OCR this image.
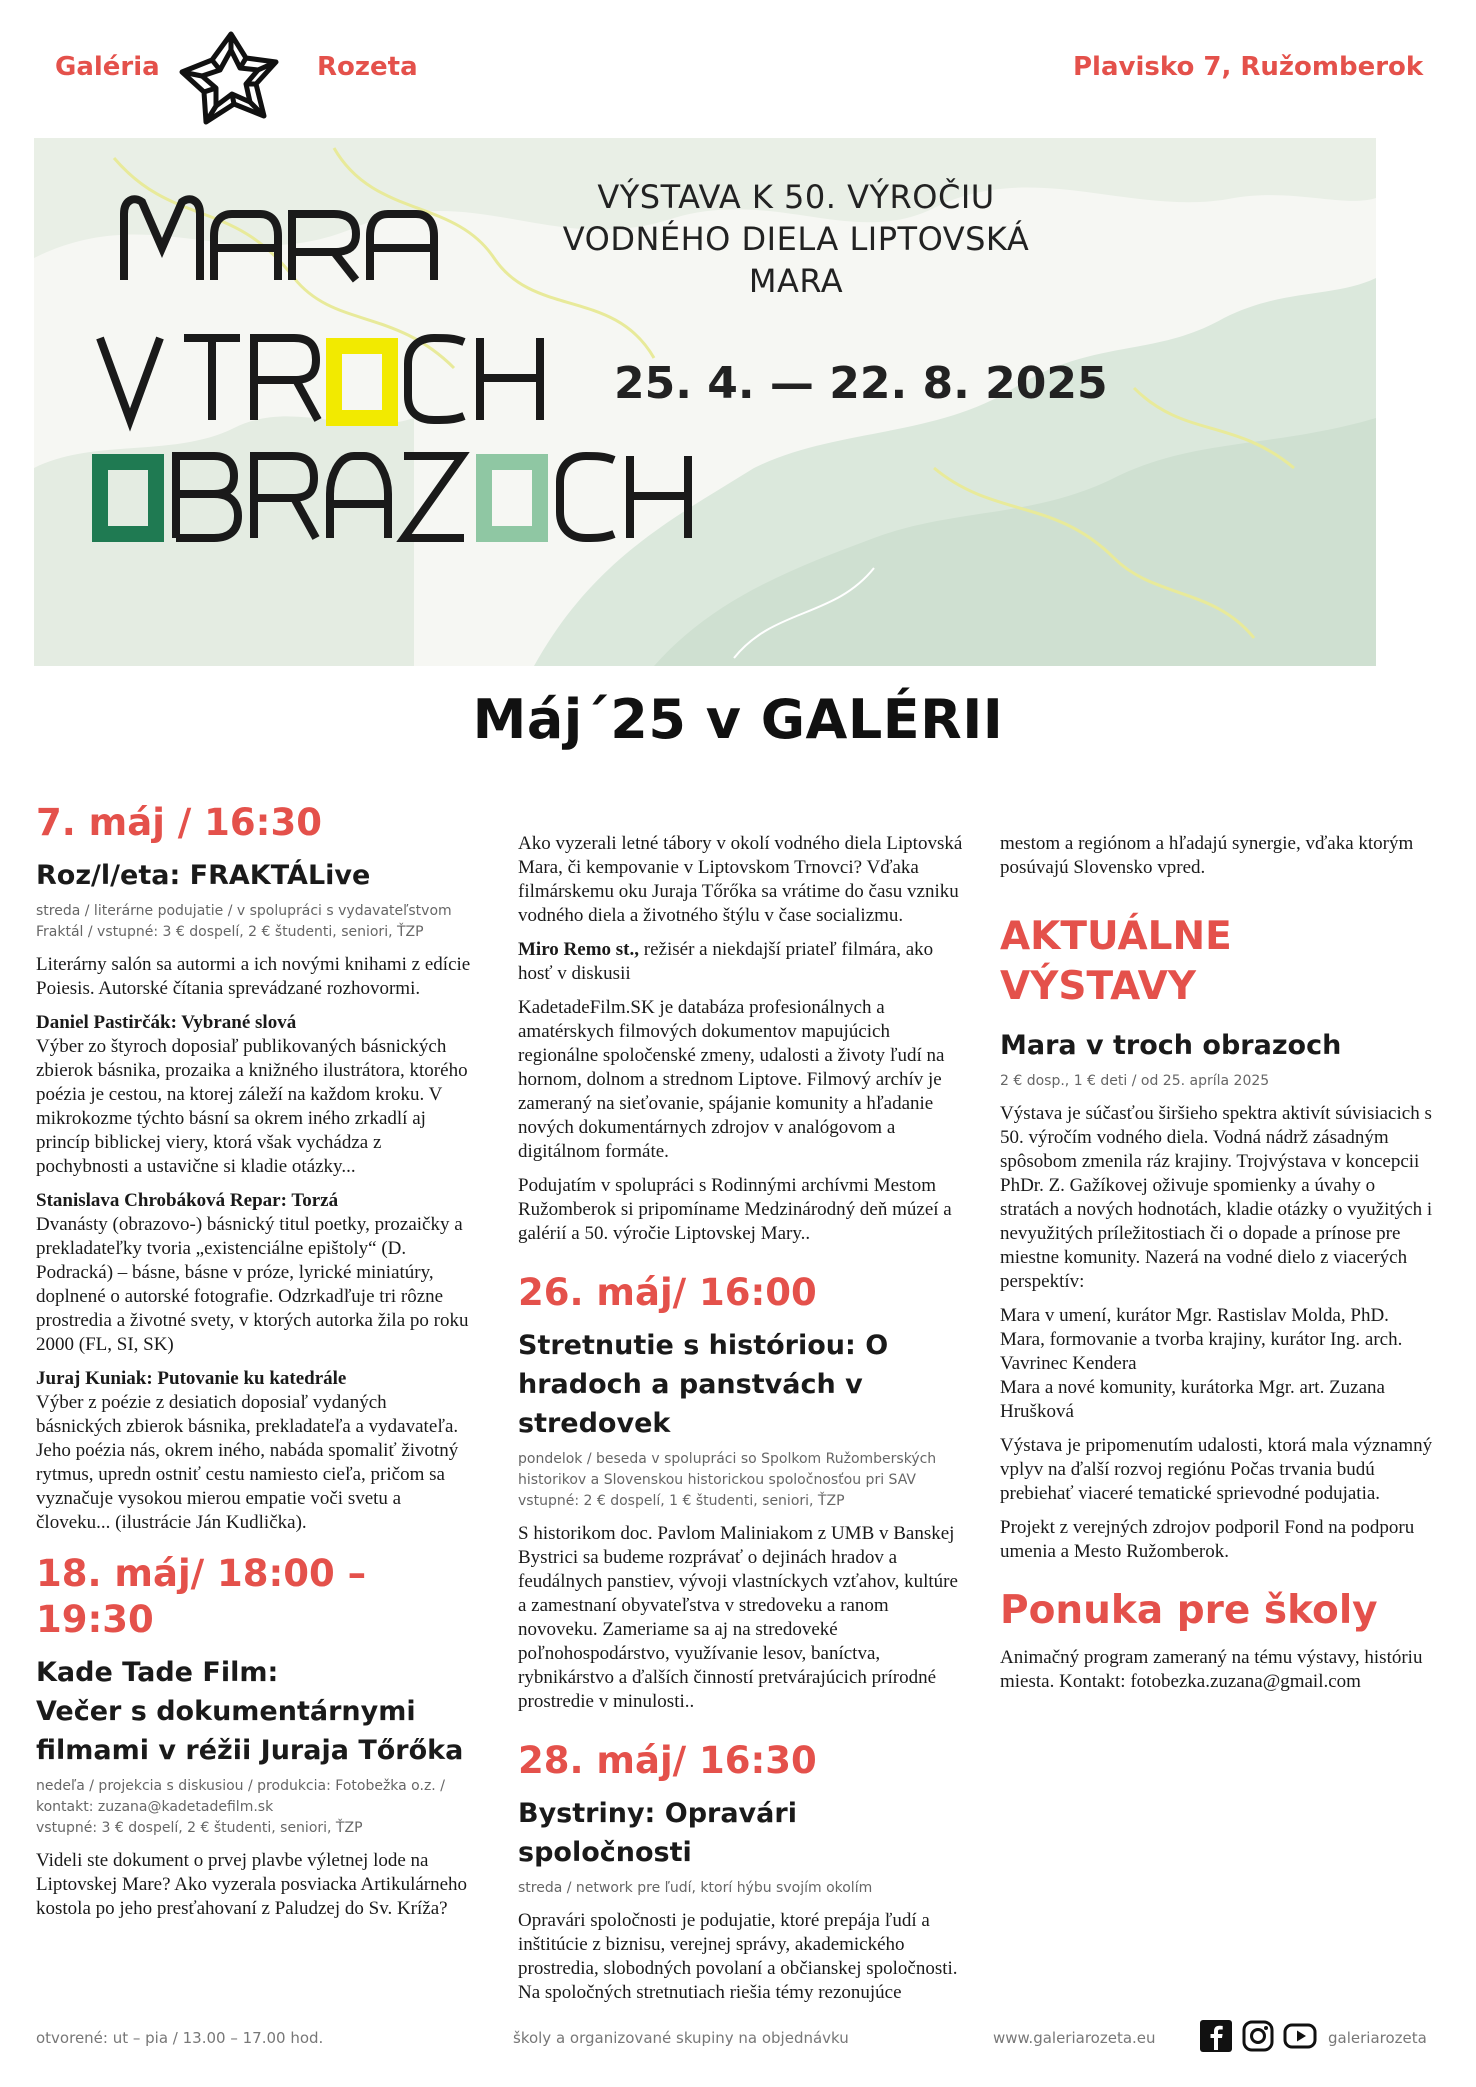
Galéria	Rozeta	Plavisko 7, Ružomberok
VÝSTAVA K 50. VÝROČIU
VODNÉHO DIELA LIPTOVSKÁ MARA
25. 4. — 22. 8. 2025
Máj´25 v GALÉRII
7. máj / 16:30
Roz/l/eta: FRAKTÁLive
streda / literárne podujatie / v spolupráci s vydavateľstvom
Fraktál / vstupné: 3 € dospelí, 2 € študenti, seniori, ŤZP
Literárny salón sa autormi a ich novými knihami z edície Poiesis. Autorské čítania sprevádzané rozhovormi.
Daniel Pastirčák: Vybrané slová
Výber zo štyroch doposiaľ publikovaných básnických zbierok básnika, prozaika a knižného ilustrátora, ktorého poézia je cestou, na ktorej záleží na každom kroku. V mikrokozme týchto básní sa okrem iného zrkadlí aj princíp biblickej viery, ktorá však vychádza z pochybnosti a ustavične si kladie otázky...
Stanislava Chrobáková Repar: Torzá
Dvanásty (obrazovo-) básnický titul poetky, prozaičky a prekladateľky tvoria „existenciálne epištoly“ (D. Podracká) – básne, básne v próze, lyrické miniatúry, doplnené o autorské fotografie. Odzrkadľuje tri rôzne prostredia a životné svety, v ktorých autorka žila po roku 2000 (FL, SI, SK)
Juraj Kuniak: Putovanie ku katedrále
Výber z poézie z desiatich doposiaľ vydaných básnických zbierok básnika, prekladateľa a vydavateľa. Jeho poézia nás, okrem iného, nabáda spomaliť životný rytmus, upredn ostniť cestu namiesto cieľa, pričom sa vyznačuje vysokou mierou empatie voči svetu a človeku... (ilustrácie Ján Kudlička).
18. máj/ 18:00 – 19:30
Kade Tade Film:
Večer s dokumentárnymi filmami v réžii Juraja Tőrőka
nedeľa / projekcia s diskusiou / produkcia: Fotobežka o.z. /
kontakt: zuzana@kadetadefilm.sk
vstupné: 3 € dospelí, 2 € študenti, seniori, ŤZP
Videli ste dokument o prvej plavbe výletnej lode na Liptovskej Mare? Ako vyzerala posviacka Artikulárneho kostola po jeho presťahovaní z Paludzej do Sv. Kríža?
Ako vyzerali letné tábory v okolí vodného diela Liptovská Mara, či kempovanie v Liptovskom Trnovci? Vďaka filmárskemu oku Juraja Tőrőka sa vrátime do času vzniku vodného diela a životného štýlu v čase socializmu.
Miro Remo st., režisér a niekdajší priateľ filmára, ako hosť v diskusii
KadetadeFilm.SK je databáza profesionálnych a amatérskych filmových dokumentov mapujúcich regionálne spoločenské zmeny, udalosti a životy ľudí na hornom, dolnom a strednom Liptove. Filmový archív je zameraný na sieťovanie, spájanie komunity a hľadanie nových dokumentárnych zdrojov v analógovom a digitálnom formáte.
Podujatím v spolupráci s Rodinnými archívmi Mestom Ružomberok si pripomíname Medzinárodný deň múzeí a galérií a 50. výročie Liptovskej Mary..
26. máj/ 16:00
Stretnutie s históriou: O hradoch a panstvách v stredovek
pondelok / beseda v spolupráci so Spolkom Ružomberských
historikov a Slovenskou historickou spoločnosťou pri SAV
vstupné: 2 € dospelí, 1 € študenti, seniori, ŤZP
S historikom doc. Pavlom Maliniakom z UMB v Banskej Bystrici sa budeme rozprávať o dejinách hradov a feudálnych panstiev, vývoji vlastníckych vzťahov, kultúre a zamestnaní obyvateľstva v stredoveku a ranom novoveku. Zameriame sa aj na stredoveké poľnohospodárstvo, využívanie lesov, baníctva, rybnikárstvo a ďalších činností pretvárajúcich prírodné prostredie v minulosti..
28. máj/ 16:30
Bystriny: Opravári spoločnosti
streda / network pre ľudí, ktorí hýbu svojím okolím
Opravári spoločnosti je podujatie, ktoré prepája ľudí a inštitúcie z biznisu, verejnej správy, akademického prostredia, slobodných povolaní a občianskej spoločnosti. Na spoločných stretnutiach riešia témy rezonujúce
mestom a regiónom a hľadajú synergie, vďaka ktorým posúvajú Slovensko vpred.
AKTUÁLNE VÝSTAVY
Mara v troch obrazoch
2 € dosp., 1 € deti / od 25. apríla 2025
Výstava je súčasťou širšieho spektra aktivít súvisiacich s 50. výročím vodného diela. Vodná nádrž zásadným spôsobom zmenila ráz krajiny. Trojvýstava v koncepcii PhDr. Z. Gažíkovej oživuje spomienky a úvahy o stratách a nových hodnotách, kladie otázky o využitých i nevyužitých príležitostiach či o dopade a prínose pre miestne komunity. Nazerá na vodné dielo z viacerých perspektív:
Mara v umení, kurátor Mgr. Rastislav Molda, PhD.
Mara, formovanie a tvorba krajiny, kurátor Ing. arch. Vavrinec Kendera
Mara a nové komunity, kurátorka Mgr. art. Zuzana Hrušková
Výstava je pripomenutím udalosti, ktorá mala významný vplyv na ďalší rozvoj regiónu Počas trvania budú prebiehať viaceré tematické sprievodné podujatia.
Projekt z verejných zdrojov podporil Fond na podporu umenia a Mesto Ružomberok.
Ponuka pre školy
Animačný program zameraný na tému výstavy, históriu miesta. Kontakt: fotobezka.zuzana@gmail.com
otvorené: ut – pia / 13.00 – 17.00 hod.	školy a organizované skupiny na objednávku	www.galeriarozeta.eu	galeriarozeta
